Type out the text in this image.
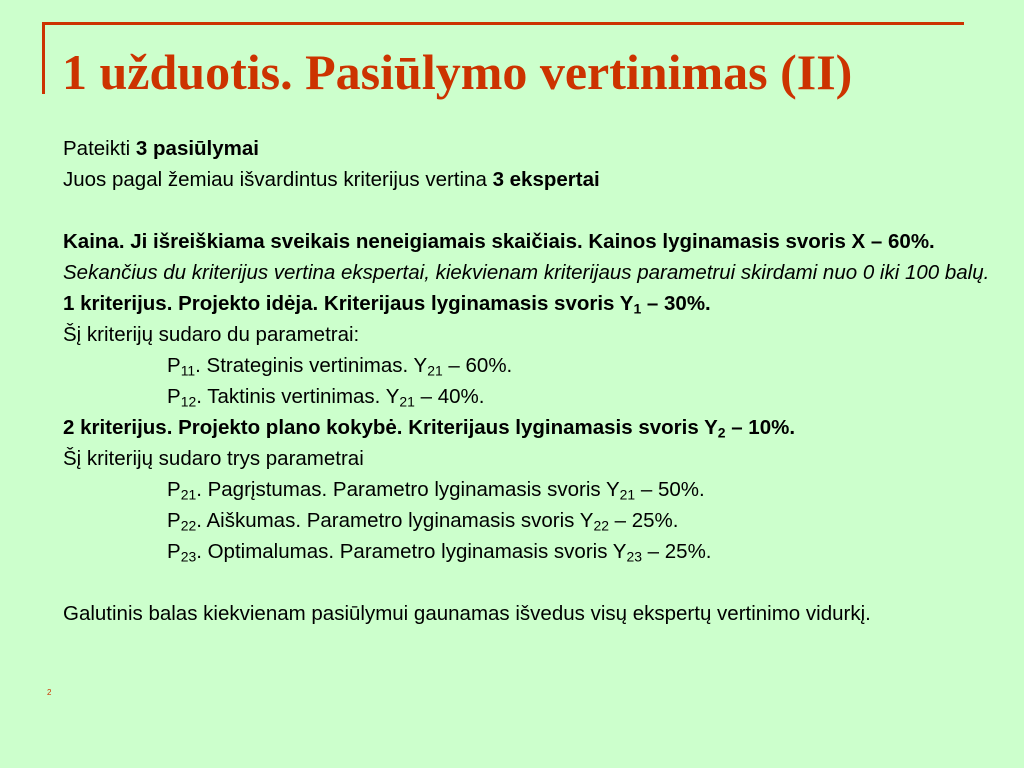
1 užduotis. Pasiūlymo vertinimas (II)
Pateikti 3 pasiūlymai
Juos pagal žemiau išvardintus kriterijus vertina 3 ekspertai
Kaina. Ji išreiškiama sveikais neneigiamais skaičiais. Kainos lyginamasis svoris X – 60%.
Sekančius du kriterijus vertina ekspertai, kiekvienam kriterijaus parametrui skirdami nuo 0 iki 100 balų.
1 kriterijus. Projekto idėja. Kriterijaus lyginamasis svoris $Y_1 - 30\%$.
Šį kriterijų sudaro du parametrai:
$P_{11}$. Strateginis vertinimas. $Y_{21} - 60\%$.
$P_{12}$. Taktinis vertinimas. $Y_{21} - 40\%$.
2 kriterijus. Projekto plano kokybė. Kriterijaus lyginamasis svoris $Y_2 - 10\%$.
Šį kriterijų sudaro trys parametrai
$P_{21}$. Pagrįstumas. Parametro lyginamasis svoris $Y_{21} - 50\%$.
$P_{22}$. Aiškumas. Parametro lyginamasis svoris $Y_{22} - 25\%$.
$P_{23}$. Optimalumas. Parametro lyginamasis svoris $Y_{23} - 25\%$.
Galutinis balas kiekvienam pasiūlymui gaunamas išvedus visų ekspertų vertinimo vidurkį.
2
